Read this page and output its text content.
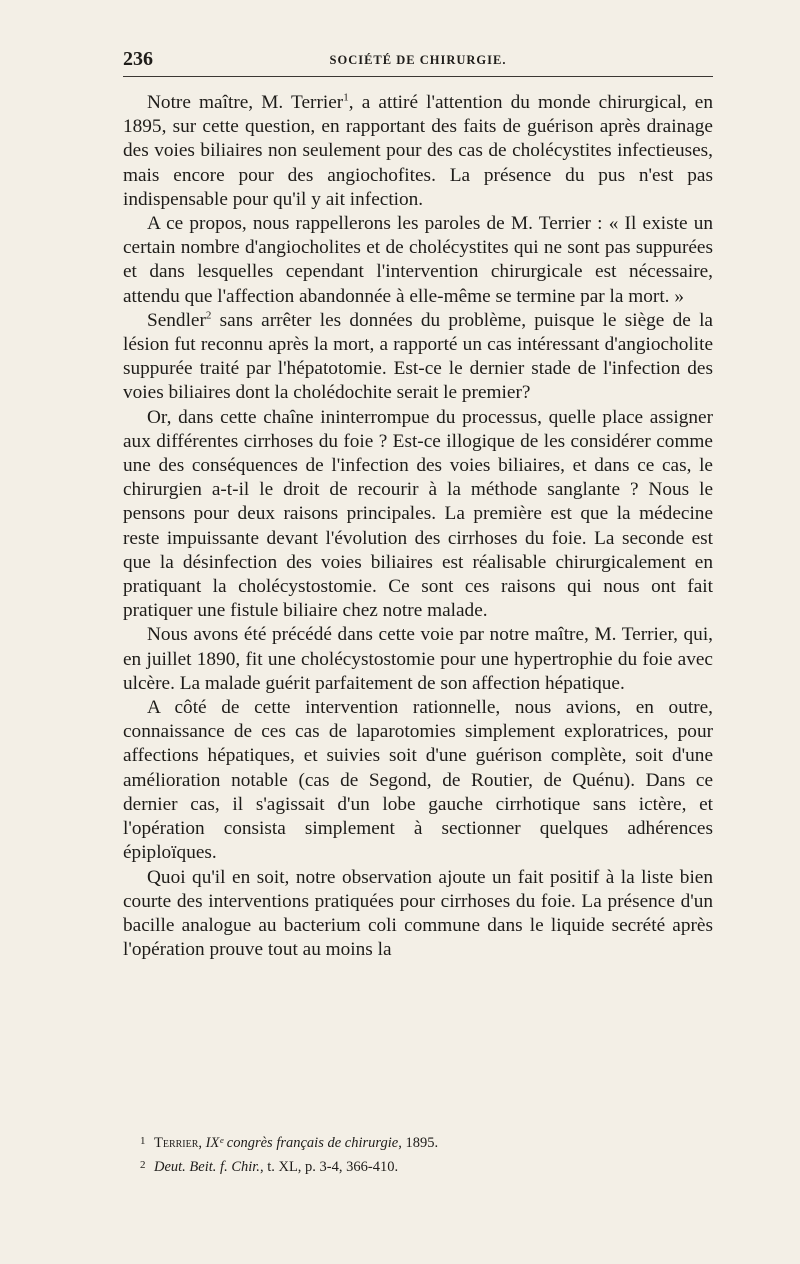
236	SOCIÉTÉ DE CHIRURGIE.

Notre maître, M. Terrier$^1$, a attiré l'attention du monde chirurgical, en 1895, sur cette question, en rapportant des faits de guérison après drainage des voies biliaires non seulement pour des cas de cholécystites infectieuses, mais encore pour des angiochofites. La présence du pus n'est pas indispensable pour qu'il y ait infection.

A ce propos, nous rappellerons les paroles de M. Terrier : « Il existe un certain nombre d'angiocholites et de cholécystites qui ne sont pas suppurées et dans lesquelles cependant l'intervention chirurgicale est nécessaire, attendu que l'affection abandonnée à elle-même se termine par la mort. »

Sendler$^2$ sans arrêter les données du problème, puisque le siège de la lésion fut reconnu après la mort, a rapporté un cas intéressant d'angiocholite suppurée traité par l'hépatotomie. Est-ce le dernier stade de l'infection des voies biliaires dont la cholédochite serait le premier?

Or, dans cette chaîne ininterrompue du processus, quelle place assigner aux différentes cirrhoses du foie ? Est-ce illogique de les considérer comme une des conséquences de l'infection des voies biliaires, et dans ce cas, le chirurgien a-t-il le droit de recourir à la méthode sanglante ? Nous le pensons pour deux raisons principales. La première est que la médecine reste impuissante devant l'évolution des cirrhoses du foie. La seconde est que la désinfection des voies biliaires est réalisable chirurgicalement en pratiquant la cholécystostomie. Ce sont ces raisons qui nous ont fait pratiquer une fistule biliaire chez notre malade.

Nous avons été précédé dans cette voie par notre maître, M. Terrier, qui, en juillet 1890, fit une cholécystostomie pour une hypertrophie du foie avec ulcère. La malade guérit parfaitement de son affection hépatique.

A côté de cette intervention rationnelle, nous avions, en outre, connaissance de ces cas de laparotomies simplement exploratrices, pour affections hépatiques, et suivies soit d'une guérison complète, soit d'une amélioration notable (cas de Segond, de Routier, de Quénu). Dans ce dernier cas, il s'agissait d'un lobe gauche cirrhotique sans ictère, et l'opération consista simplement à sectionner quelques adhérences épiploïques.

Quoi qu'il en soit, notre observation ajoute un fait positif à la liste bien courte des interventions pratiquées pour cirrhoses du foie. La présence d'un bacille analogue au bacterium coli commune dans le liquide secrété après l'opération prouve tout au moins la

1 Terrier, IXᵉ congrès français de chirurgie, 1895.
2 Deut. Beit. f. Chir., t. XL, p. 3-4, 366-410.
